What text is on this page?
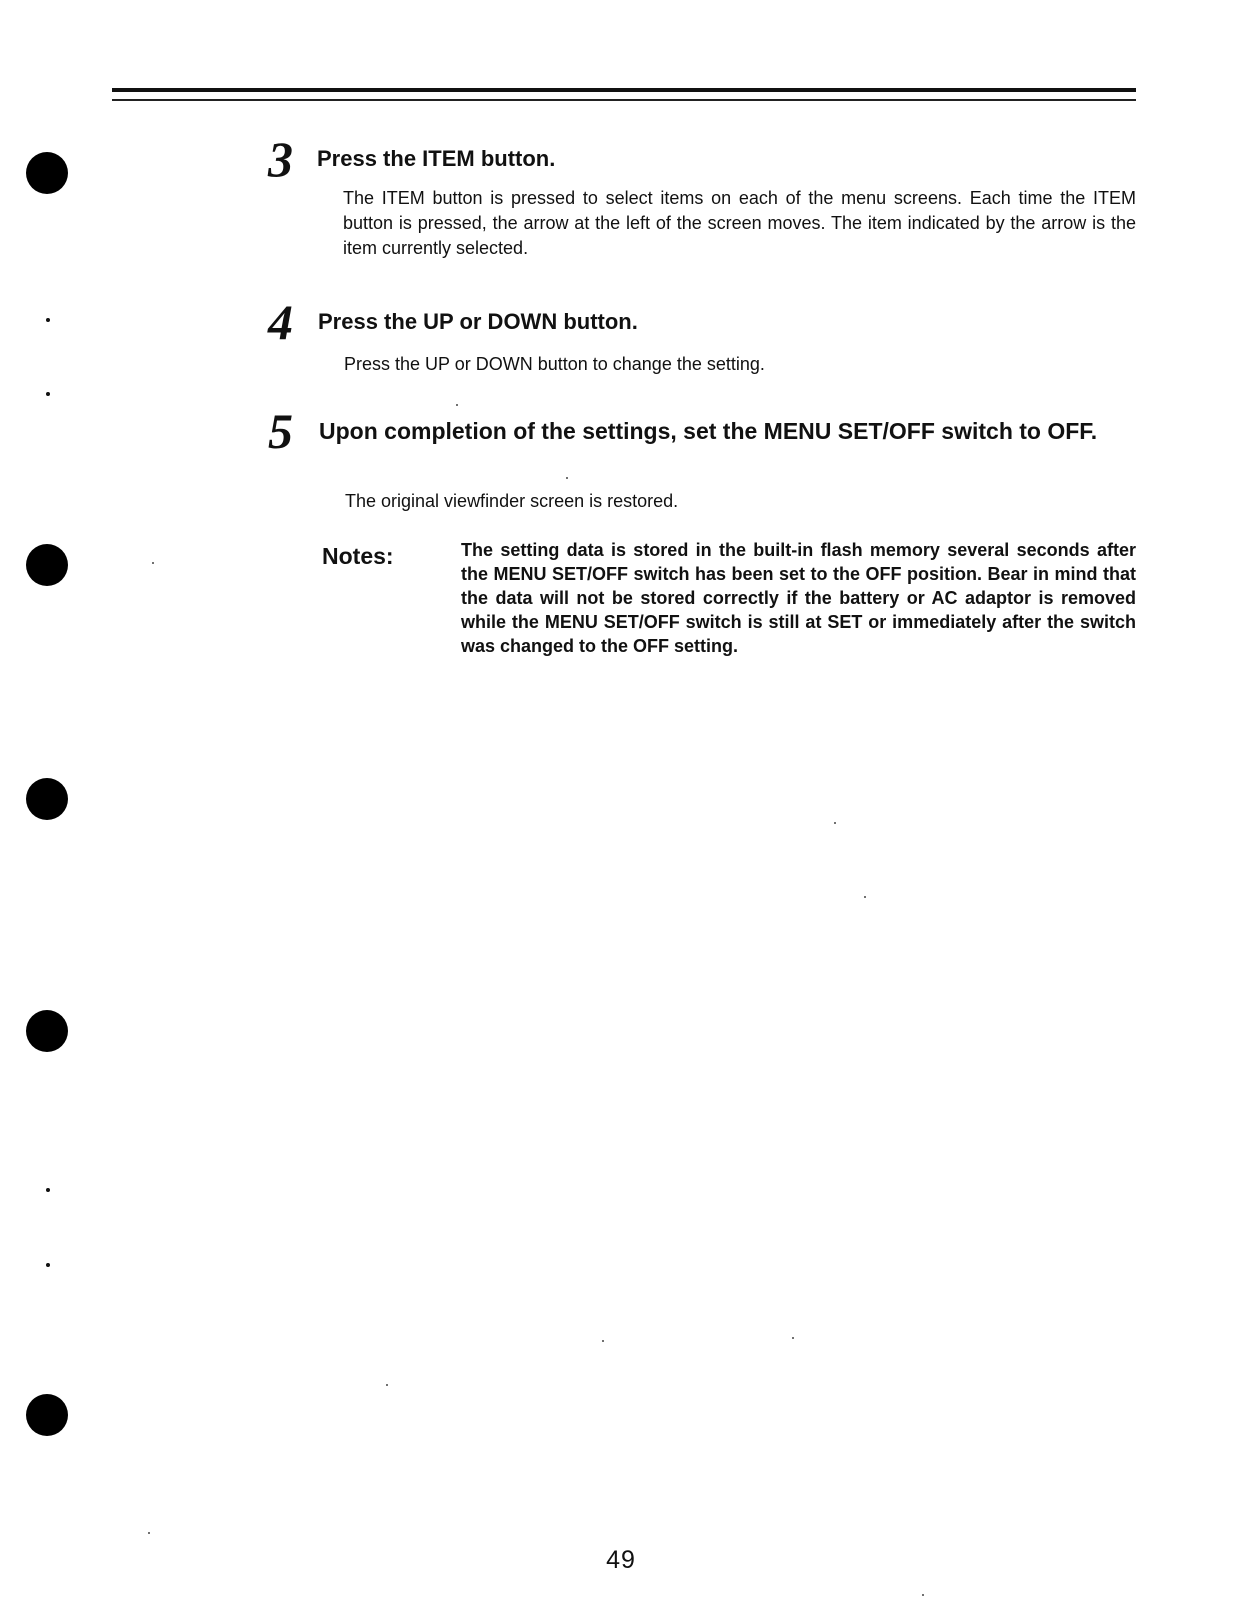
3 Press the ITEM button.
The ITEM button is pressed to select items on each of the menu screens. Each time the ITEM button is pressed, the arrow at the left of the screen moves. The item indicated by the arrow is the item currently selected.
4 Press the UP or DOWN button.
Press the UP or DOWN button to change the setting.
5 Upon completion of the settings, set the MENU SET/OFF switch to OFF.
The original viewfinder screen is restored.
Notes:	The setting data is stored in the built-in flash memory several seconds after the MENU SET/OFF switch has been set to the OFF position. Bear in mind that the data will not be stored correctly if the battery or AC adaptor is removed while the MENU SET/OFF switch is still at SET or immediately after the switch was changed to the OFF setting.
49
